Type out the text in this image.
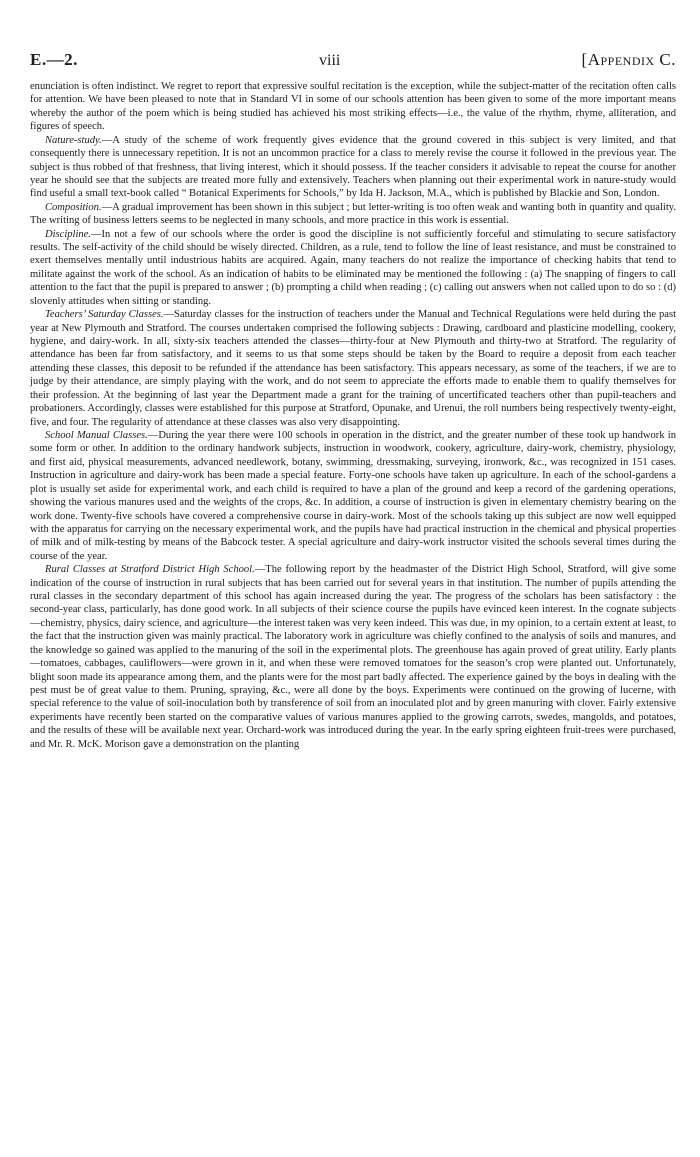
E.—2.	viii	[Appendix C.

enunciation is often indistinct. We regret to report that expressive soulful recitation is the exception, while the subject-matter of the recitation often calls for attention. We have been pleased to note that in Standard VI in some of our schools attention has been given to some of the more important means whereby the author of the poem which is being studied has achieved his most striking effects—i.e., the value of the rhythm, rhyme, alliteration, and figures of speech.

Nature-study.—A study of the scheme of work frequently gives evidence that the ground covered in this subject is very limited, and that consequently there is unnecessary repetition. It is not an uncommon practice for a class to merely revise the course it followed in the previous year. The subject is thus robbed of that freshness, that living interest, which it should possess. If the teacher considers it advisable to repeat the course for another year he should see that the subjects are treated more fully and extensively. Teachers when planning out their experimental work in nature-study would find useful a small text-book called “ Botanical Experiments for Schools,” by Ida H. Jackson, M.A., which is published by Blackie and Son, London.

Composition.—A gradual improvement has been shown in this subject ; but letter-writing is too often weak and wanting both in quantity and quality. The writing of business letters seems to be neglected in many schools, and more practice in this work is essential.

Discipline.—In not a few of our schools where the order is good the discipline is not sufficiently forceful and stimulating to secure satisfactory results. The self-activity of the child should be wisely directed. Children, as a rule, tend to follow the line of least resistance, and must be constrained to exert themselves mentally until industrious habits are acquired. Again, many teachers do not realize the importance of checking habits that tend to militate against the work of the school. As an indication of habits to be eliminated may be mentioned the following : (a) The snapping of fingers to call attention to the fact that the pupil is prepared to answer ; (b) prompting a child when reading ; (c) calling out answers when not called upon to do so : (d) slovenly attitudes when sitting or standing.

Teachers’ Saturday Classes.—Saturday classes for the instruction of teachers under the Manual and Technical Regulations were held during the past year at New Plymouth and Stratford. The courses undertaken comprised the following subjects : Drawing, cardboard and plasticine modelling, cookery, hygiene, and dairy-work. In all, sixty-six teachers attended the classes—thirty-four at New Plymouth and thirty-two at Stratford. The regularity of attendance has been far from satisfactory, and it seems to us that some steps should be taken by the Board to require a deposit from each teacher attending these classes, this deposit to be refunded if the attendance has been satisfactory. This appears necessary, as some of the teachers, if we are to judge by their attendance, are simply playing with the work, and do not seem to appreciate the efforts made to enable them to qualify themselves for their profession. At the beginning of last year the Department made a grant for the training of uncertificated teachers other than pupil-teachers and probationers. Accordingly, classes were established for this purpose at Stratford, Opunake, and Urenui, the roll numbers being respectively twenty-eight, five, and four. The regularity of attendance at these classes was also very disappointing.

School Manual Classes.—During the year there were 100 schools in operation in the district, and the greater number of these took up handwork in some form or other. In addition to the ordinary handwork subjects, instruction in woodwork, cookery, agriculture, dairy-work, chemistry, physiology, and first aid, physical measurements, advanced needlework, botany, swimming, dressmaking, surveying, ironwork, &c., was recognized in 151 cases. Instruction in agriculture and dairy-work has been made a special feature. Forty-one schools have taken up agriculture. In each of the school-gardens a plot is usually set aside for experimental work, and each child is required to have a plan of the ground and keep a record of the gardening operations, showing the various manures used and the weights of the crops, &c. In addition, a course of instruction is given in elementary chemistry bearing on the work done. Twenty-five schools have covered a comprehensive course in dairy-work. Most of the schools taking up this subject are now well equipped with the apparatus for carrying on the necessary experimental work, and the pupils have had practical instruction in the chemical and physical properties of milk and of milk-testing by means of the Babcock tester. A special agriculture and dairy-work instructor visited the schools several times during the course of the year.

Rural Classes at Stratford District High School.—The following report by the headmaster of the District High School, Stratford, will give some indication of the course of instruction in rural subjects that has been carried out for several years in that institution. The number of pupils attending the rural classes in the secondary department of this school has again increased during the year. The progress of the scholars has been satisfactory : the second-year class, particularly, has done good work. In all subjects of their science course the pupils have evinced keen interest. In the cognate subjects—chemistry, physics, dairy science, and agriculture—the interest taken was very keen indeed. This was due, in my opinion, to a certain extent at least, to the fact that the instruction given was mainly practical. The laboratory work in agriculture was chiefly confined to the analysis of soils and manures, and the knowledge so gained was applied to the manuring of the soil in the experimental plots. The greenhouse has again proved of great utility. Early plants—tomatoes, cabbages, cauliflowers—were grown in it, and when these were removed tomatoes for the season’s crop were planted out. Unfortunately, blight soon made its appearance among them, and the plants were for the most part badly affected. The experience gained by the boys in dealing with the pest must be of great value to them. Pruning, spraying, &c., were all done by the boys. Experiments were continued on the growing of lucerne, with special reference to the value of soil-inoculation both by transference of soil from an inoculated plot and by green manuring with clover. Fairly extensive experiments have recently been started on the comparative values of various manures applied to the growing carrots, swedes, mangolds, and potatoes, and the results of these will be available next year. Orchard-work was introduced during the year. In the early spring eighteen fruit-trees were purchased, and Mr. R. McK. Morison gave a demonstration on the planting
